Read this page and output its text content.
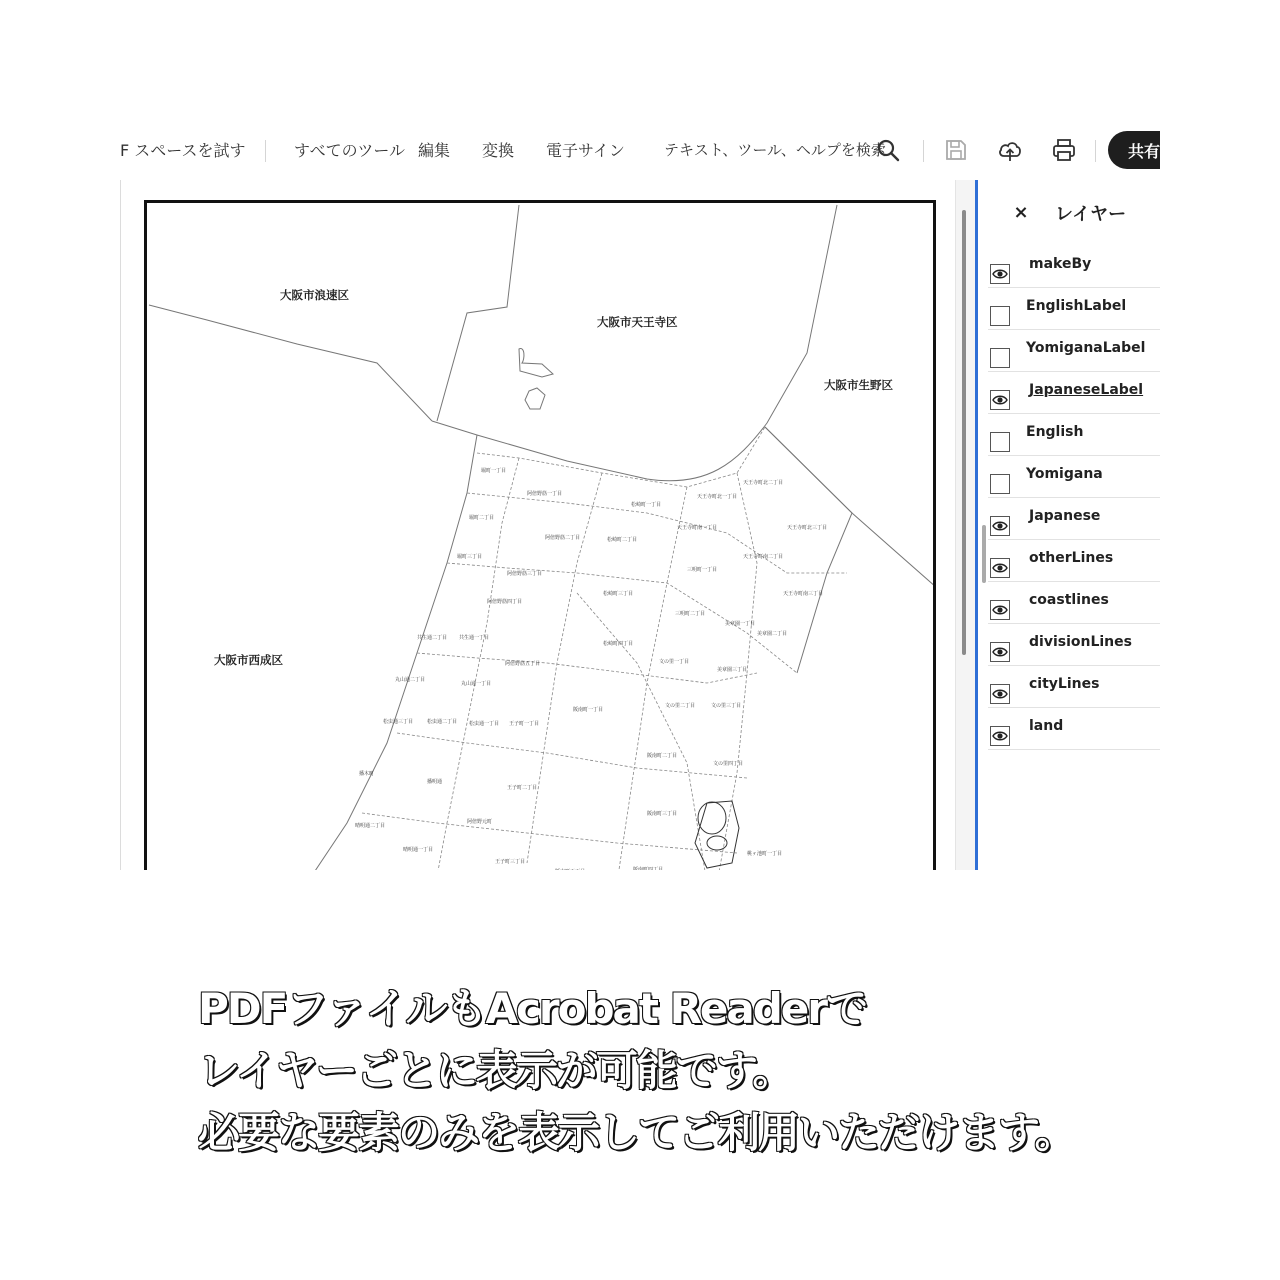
F スペースを試す	すべてのツール 編集 変換 電子サイン	テキスト、ツール、ヘルプを検索	共有
大阪市浪速区
大阪市天王寺区
大阪市生野区
大阪市西成区
堀町一丁目
阿倍野筋一丁目
松崎町一丁目
天王寺町北一丁目
天王寺町北二丁目
堀町二丁目
阿倍野筋二丁目	松崎町二丁目
天王寺町南一丁目	天王寺町北三丁目
堀町三丁目
阿倍野筋三丁目
三明町一丁目
天王寺町南二丁目
阿倍野筋四丁目
松崎町三丁目	天王寺町南三丁目
共生通二丁目 共生通一丁目
松崎町四丁目
三明町二丁目
美章園一丁目
美章園二丁目
阿倍野筋五丁目	文の里一丁目
美章園三丁目
丸山通二丁目
丸山通一丁目
文の里二丁目	文の里三丁目
松虫通三丁目	松虫通二丁目 松虫通一丁目 王子町一丁目
阪南町一丁目
播木町
播明通
阪南町二丁目
文の里四丁目
王子町二丁目
阪南町三丁目
晴明通二丁目
阿倍野元町
阪南町四丁目
晴明通一丁目
王子町三丁目
阪南町五丁目
桃ヶ池町一丁目
× レイヤー
makeBy
EnglishLabel
YomiganaLabel
JapaneseLabel
English
Yomigana
Japanese
otherLines
coastlines
divisionLines
cityLines
land
PDFファイルもAcrobat Readerで
レイヤーごとに表示が可能です。
必要な要素のみを表示してご利用いただけます。
